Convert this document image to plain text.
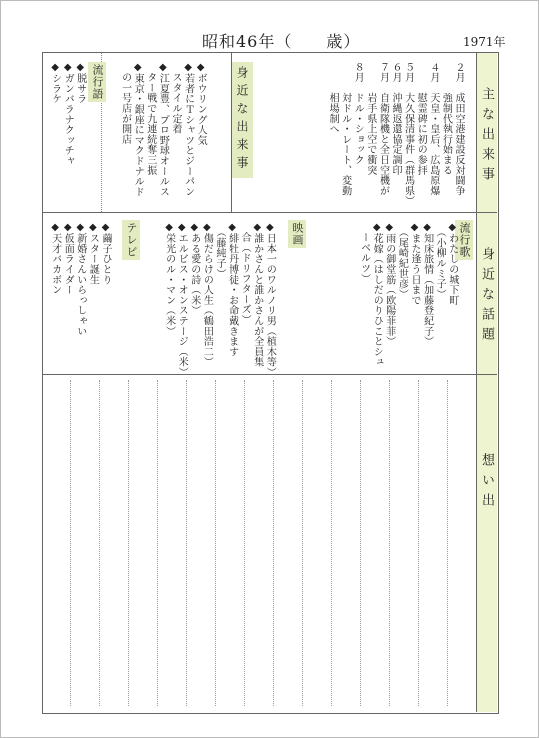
昭和46年（　　歳）	1971年
主な出来事
身近な話題
想い出
２月　成田空港建設反対闘争
　　　強制代執行始まる
４月　天皇・皇后、広島原爆
　　　慰霊碑に初の参拝
５月　大久保清事件（群馬県）
６月　沖縄返還協定調印
７月　自衛隊機と全日空機が
　　　岩手県上空で衝突
８月　ドル・ショック
　　　対ドル・レート、変動
　　　相場制へ
身近な出来事
◆ボウリング人気
◆若者にＴシャツとジーパン
　スタイル定着
◆江夏豊、プロ野球オールス
　ター戦で九連続奪三振
◆東京・銀座にマクドナルド
　の一号店が開店
流行語
◆脱サラ
◆ガンバラナクッチャ
◆シラケ
流行歌
◆わたしの城下町
　（小柳ルミ子）
◆知床旅情（加藤登紀子）
◆また逢う日まで
　（尾崎紀世彦）
◆雨の御堂筋（欧陽菲菲）
◆花嫁（はしだのりひことシュ
　ーベルツ）
映画
◆日本一のワルノリ男（植木等）
◆誰かさんと誰かさんが全員集
　合（ドリフターズ）
◆緋牡丹博徒・お命戴きます
　（藤純子）
◆傷だらけの人生（鶴田浩二）
◆ある愛の詩（米）
◆エルビス・オンステージ（米）
◆栄光のル・マン（米）
テレビ
◆繭子ひとり
◆スター誕生
◆新婚さんいらっしゃい
◆仮面ライダー
◆天才バカボン
